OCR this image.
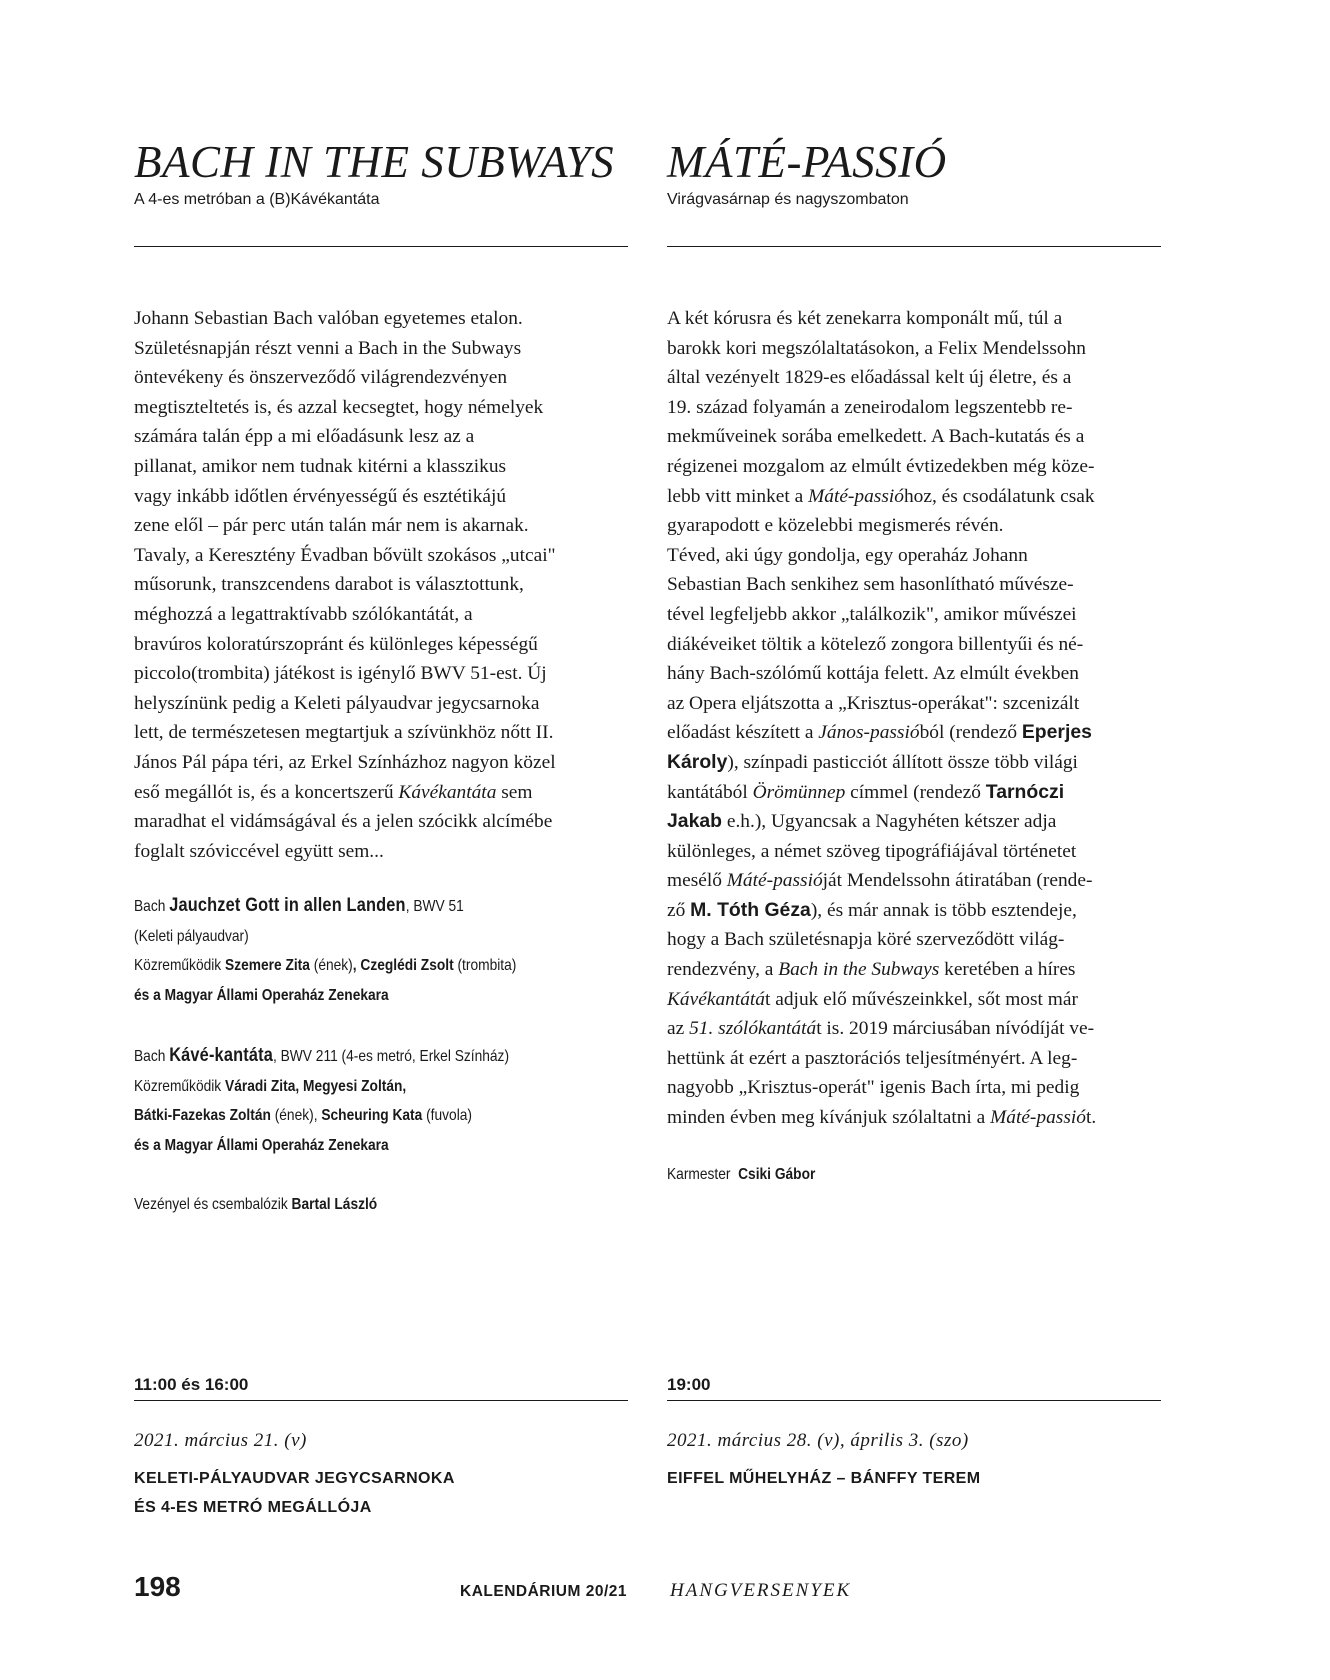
BACH IN THE SUBWAYS
A 4-es metróban a (B)Kávékantáta
Johann Sebastian Bach valóban egyetemes etalon.
Születésnapján részt venni a Bach in the Subways
öntevékeny és önszerveződő világrendezvényen
megtiszteltetés is, és azzal kecsegtet, hogy némelyek
számára talán épp a mi előadásunk lesz az a
pillanat, amikor nem tudnak kitérni a klasszikus
vagy inkább időtlen érvényességű és esztétikájú
zene elől – pár perc után talán már nem is akarnak.
Tavaly, a Keresztény Évadban bővült szokásos „utcai"
műsorunk, transzcendens darabot is választottunk,
méghozzá a legattraktívabb szólókantátát, a
bravúros koloratúrszopránt és különleges képességű
piccolo(trombita) játékost is igénylő BWV 51-est. Új
helyszínünk pedig a Keleti pályaudvar jegycsarnoka
lett, de természetesen megtartjuk a szívünkhöz nőtt II.
János Pál pápa téri, az Erkel Színházhoz nagyon közel
eső megállót is, és a koncertszerű Kávékantáta sem
maradhat el vidámságával és a jelen szócikk alcímébe
foglalt szóviccével együtt sem...
Bach Jauchzet Gott in allen Landen, BWV 51
(Keleti pályaudvar)
Közreműködik Szemere Zita (ének), Czeglédi Zsolt (trombita)
és a Magyar Állami Operaház Zenekara
Bach Kávé-kantáta, BWV 211 (4-es metró, Erkel Színház)
Közreműködik Váradi Zita, Megyesi Zoltán,
Bátki-Fazekas Zoltán (ének), Scheuring Kata (fuvola)
és a Magyar Állami Operaház Zenekara
Vezényel és csembalózik Bartal László
11:00 és 16:00
2021. március 21. (v)
KELETI-PÁLYAUDVAR JEGYCSARNOKA
ÉS 4-ES METRÓ MEGÁLLÓJA
MÁTÉ-PASSIÓ
Virágvasárnap és nagyszombaton
A két kórusra és két zenekarra komponált mű, túl a
barokk kori megszólaltatásokon, a Felix Mendelssohn
által vezényelt 1829-es előadással kelt új életre, és a
19. század folyamán a zeneirodalom legszentebb re-
mekműveinek sorába emelkedett. A Bach-kutatás és a
régizenei mozgalom az elmúlt évtizedekben még köze-
lebb vitt minket a Máté-passióhoz, és csodálatunk csak
gyarapodott e közelebbi megismerés révén.
Téved, aki úgy gondolja, egy operaház Johann
Sebastian Bach senkihez sem hasonlítható művésze-
tével legfeljebb akkor „találkozik", amikor művészei
diákéveiket töltik a kötelező zongora billentyűi és né-
hány Bach-szólómű kottája felett. Az elmúlt években
az Opera eljátszotta a „Krisztus-operákat": szcenizált
előadást készített a János-passióból (rendező Eperjes
Károly), színpadi pasticciót állított össze több világi
kantátából Örömünnep címmel (rendező Tarnóczi
Jakab e.h.), Ugyancsak a Nagyhéten kétszer adja
különleges, a német szöveg tipográfiájával történetet
mesélő Máté-passióját Mendelssohn átiratában (rende-
ző M. Tóth Géza), és már annak is több esztendeje,
hogy a Bach születésnapja köré szerveződött világ-
rendezvény, a Bach in the Subways keretében a híres
Kávékantátát adjuk elő művészeinkkel, sőt most már
az 51. szólókantátát is. 2019 márciusában nívódíját ve-
hettünk át ezért a pasztorációs teljesítményért. A leg-
nagyobb „Krisztus-operát" igenis Bach írta, mi pedig
minden évben meg kívánjuk szólaltatni a Máté-passiót.
Karmester Csiki Gábor
19:00
2021. március 28. (v), április 3. (szo)
EIFFEL MŰHELYHÁZ – BÁNFFY TEREM
198	KALENDÁRIUM 20/21 HANGVERSENYEK
